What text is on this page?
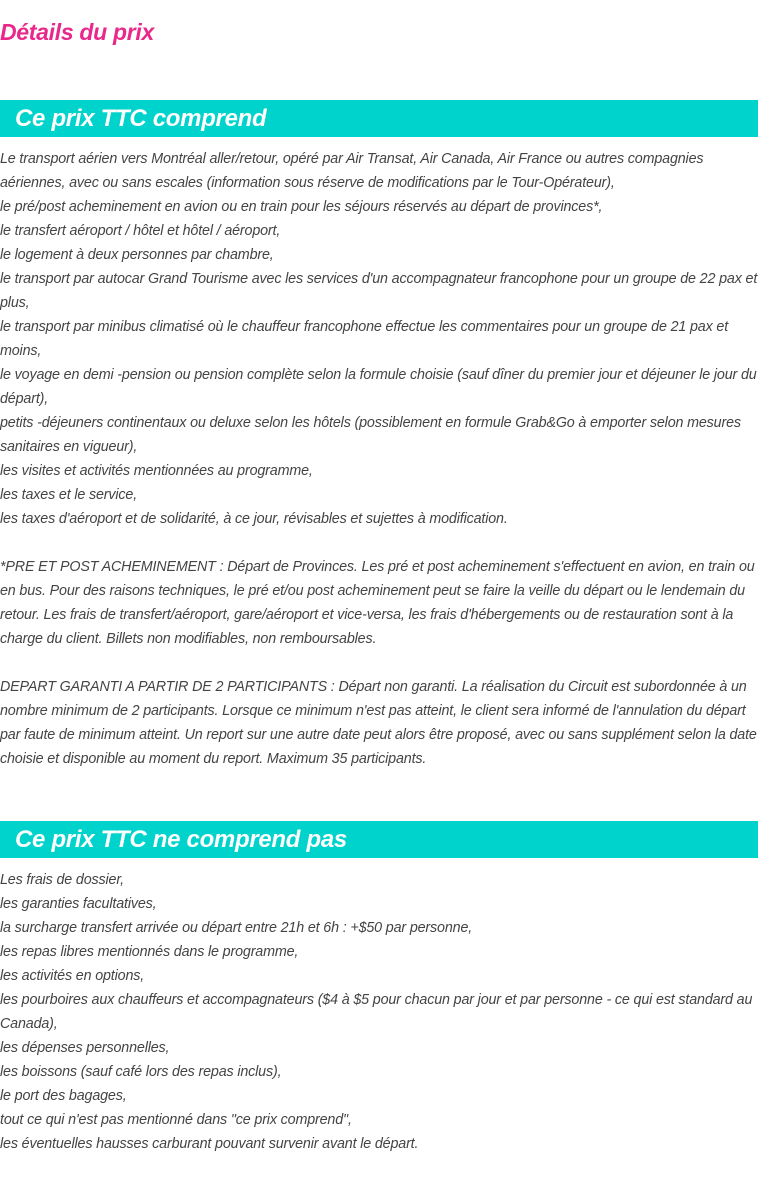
Détails du prix
Ce prix TTC comprend
Le transport aérien vers Montréal aller/retour, opéré par Air Transat, Air Canada, Air France ou autres compagnies aériennes, avec ou sans escales (information sous réserve de modifications par le Tour-Opérateur),
le pré/post acheminement en avion ou en train pour les séjours réservés au départ de provinces*,
le transfert aéroport / hôtel et hôtel / aéroport,
le logement à deux personnes par chambre,
le transport par autocar Grand Tourisme avec les services d'un accompagnateur francophone pour un groupe de 22 pax et plus,
le transport par minibus climatisé où le chauffeur francophone effectue les commentaires pour un groupe de 21 pax et moins,
le voyage en demi -pension ou pension complète selon la formule choisie (sauf dîner du premier jour et déjeuner le jour du départ),
petits -déjeuners continentaux ou deluxe selon les hôtels (possiblement en formule Grab&Go à emporter selon mesures sanitaires en vigueur),
les visites et activités mentionnées au programme,
les taxes et le service,
les taxes d'aéroport et de solidarité, à ce jour, révisables et sujettes à modification.
*PRE ET POST ACHEMINEMENT : Départ de Provinces. Les pré et post acheminement s'effectuent en avion, en train ou en bus. Pour des raisons techniques, le pré et/ou post acheminement peut se faire la veille du départ ou le lendemain du retour. Les frais de transfert/aéroport, gare/aéroport et vice-versa, les frais d'hébergements ou de restauration sont à la charge du client. Billets non modifiables, non remboursables.
DEPART GARANTI A PARTIR DE 2 PARTICIPANTS : Départ non garanti. La réalisation du Circuit est subordonnée à un nombre minimum de 2 participants. Lorsque ce minimum n'est pas atteint, le client sera informé de l'annulation du départ par faute de minimum atteint. Un report sur une autre date peut alors être proposé, avec ou sans supplément selon la date choisie et disponible au moment du report. Maximum 35 participants.
Ce prix TTC ne comprend pas
Les frais de dossier,
les garanties facultatives,
la surcharge transfert arrivée ou départ entre 21h et 6h : +$50 par personne,
les repas libres mentionnés dans le programme,
les activités en options,
les pourboires aux chauffeurs et accompagnateurs ($4 à $5 pour chacun par jour et par personne - ce qui est standard au Canada),
les dépenses personnelles,
les boissons (sauf café lors des repas inclus),
le port des bagages,
tout ce qui n'est pas mentionné dans "ce prix comprend",
les éventuelles hausses carburant pouvant survenir avant le départ.
